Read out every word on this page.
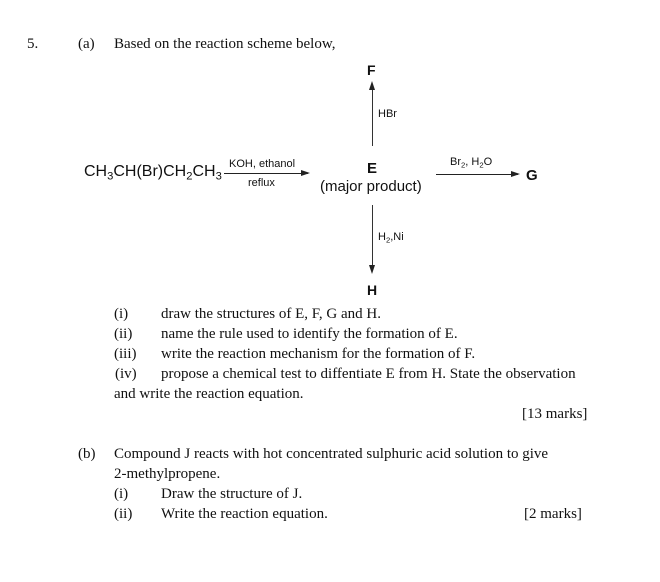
5.	(a) Based on the reaction scheme below,
F
HBr
$CH_3CH(Br)CH_2CH_3$
KOH, ethanol
reflux
E
(major product)
$Br_2$, $H_2O$
G
$H_2,Ni$
H
(i) draw the structures of E, F, G and H.
(ii) name the rule used to identify the formation of E.
(iii) write the reaction mechanism for the formation of F.
(iv) propose a chemical test to diffentiate E from H. State the observation
and write the reaction equation.
[13 marks]
(b) Compound J reacts with hot concentrated sulphuric acid solution to give
2-methylpropene.
(i) Draw the structure of J.
(ii) Write the reaction equation.	[2 marks]
